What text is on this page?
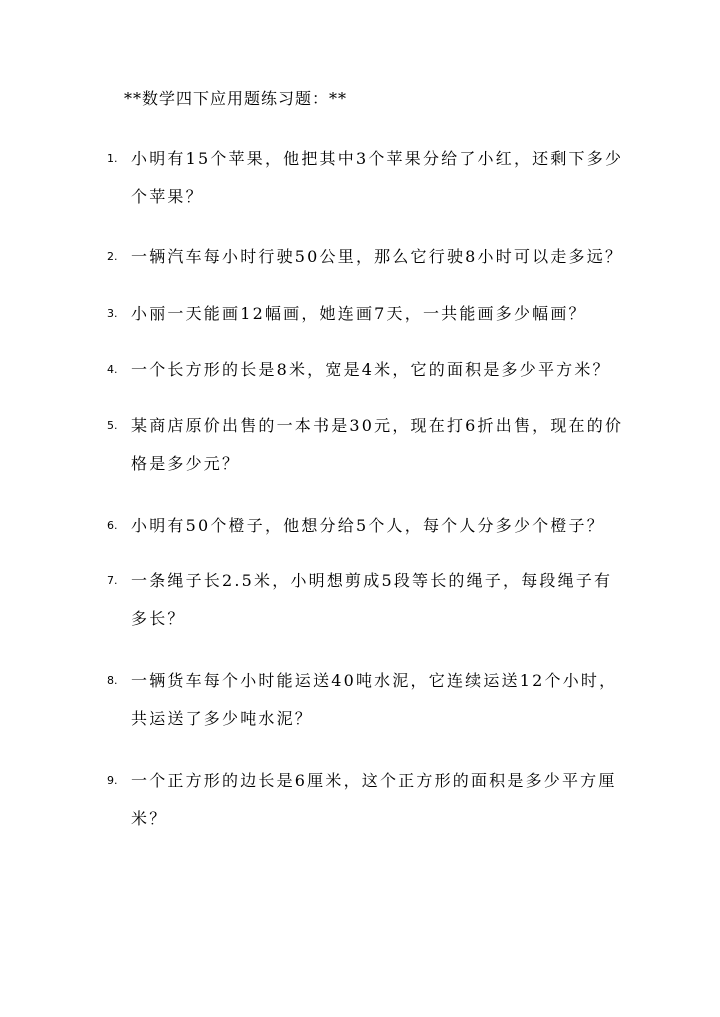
**数学四下应用题练习题：**
1. 小明有15个苹果，他把其中3个苹果分给了小红，还剩下多少
个苹果？
2. 一辆汽车每小时行驶50公里，那么它行驶8小时可以走多远？
3. 小丽一天能画12幅画，她连画7天，一共能画多少幅画？
4. 一个长方形的长是8米，宽是4米，它的面积是多少平方米？
5. 某商店原价出售的一本书是30元，现在打6折出售，现在的价
格是多少元？
6. 小明有50个橙子，他想分给5个人，每个人分多少个橙子？
7. 一条绳子长2.5米，小明想剪成5段等长的绳子，每段绳子有
多长？
8. 一辆货车每个小时能运送40吨水泥，它连续运送12个小时，
共运送了多少吨水泥？
9. 一个正方形的边长是6厘米，这个正方形的面积是多少平方厘
米？
